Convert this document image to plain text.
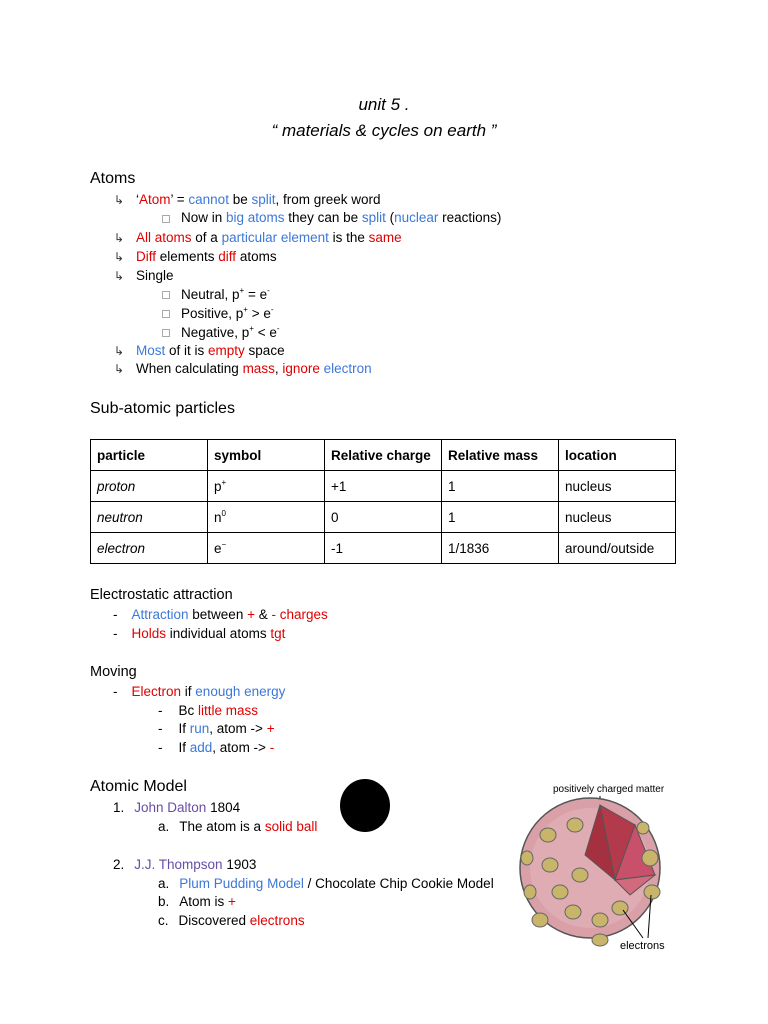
unit 5 .
“ materials & cycles on earth ”
Atoms
↳ ‘Atom’ = cannot be split, from greek word
Now in big atoms they can be split (nuclear reactions)
↳ All atoms of a particular element is the same
↳ Diff elements diff atoms
↳ Single
Neutral, p+ = e-
Positive, p+ > e-
Negative, p+ < e-
↳ Most of it is empty space
↳ When calculating mass, ignore electron
Sub-atomic particles
particle	symbol	Relative charge	Relative mass	location
proton	p+	+1	1	nucleus
neutron	$n^0$	0	1	nucleus
electron	e−	-1	1/1836	around/outside
Electrostatic attraction
- Attraction between + & - charges
- Holds individual atoms tgt
Moving
- Electron if enough energy
- Bc little mass
- If run, atom -> +
- If add, atom -> -
Atomic Model
1. John Dalton 1804
a. The atom is a solid ball
2. J.J. Thompson 1903
a. Plum Pudding Model / Chocolate Chip Cookie Model
b. Atom is +
c. Discovered electrons
positively charged matter
electrons
